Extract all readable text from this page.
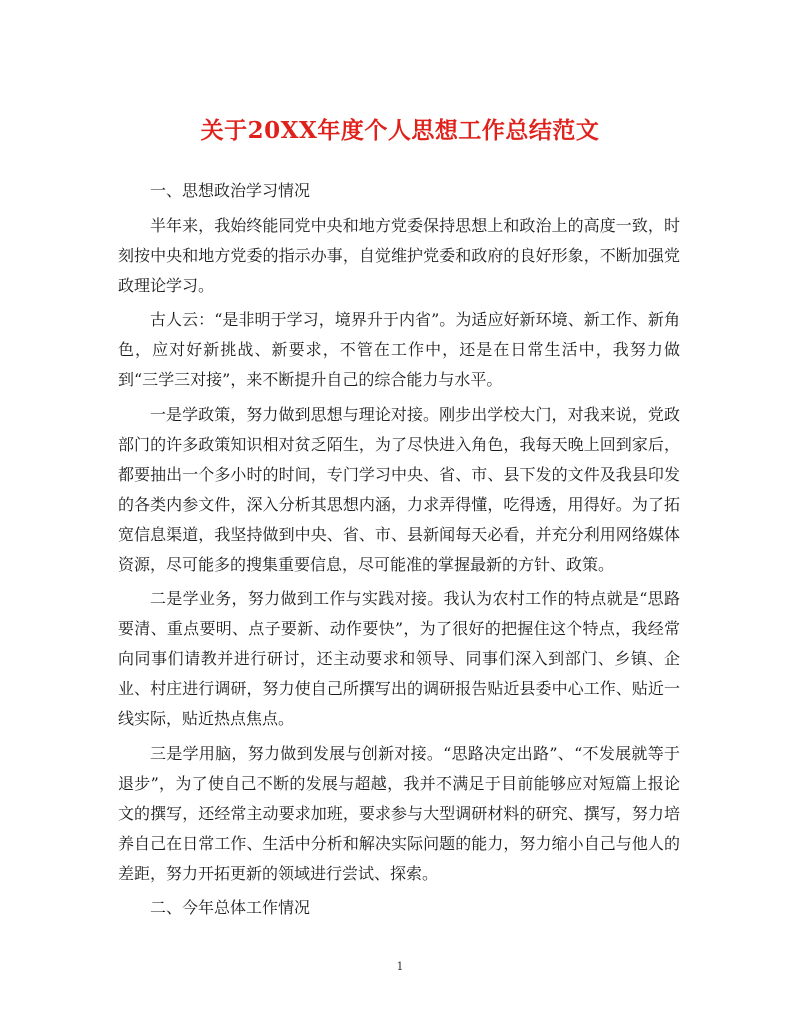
关于20XX年度个人思想工作总结范文

一、思想政治学习情况

半年来，我始终能同党中央和地方党委保持思想上和政治上的高度一致，时刻按中央和地方党委的指示办事，自觉维护党委和政府的良好形象，不断加强党政理论学习。

古人云：“是非明于学习，境界升于内省”。为适应好新环境、新工作、新角色，应对好新挑战、新要求，不管在工作中，还是在日常生活中，我努力做到“三学三对接”，来不断提升自己的综合能力与水平。

一是学政策，努力做到思想与理论对接。刚步出学校大门，对我来说，党政部门的许多政策知识相对贫乏陌生，为了尽快进入角色，我每天晚上回到家后，都要抽出一个多小时的时间，专门学习中央、省、市、县下发的文件及我县印发的各类内参文件，深入分析其思想内涵，力求弄得懂，吃得透，用得好。为了拓宽信息渠道，我坚持做到中央、省、市、县新闻每天必看，并充分利用网络媒体资源，尽可能多的搜集重要信息，尽可能准的掌握最新的方针、政策。

二是学业务，努力做到工作与实践对接。我认为农村工作的特点就是“思路要清、重点要明、点子要新、动作要快”，为了很好的把握住这个特点，我经常向同事们请教并进行研讨，还主动要求和领导、同事们深入到部门、乡镇、企业、村庄进行调研，努力使自己所撰写出的调研报告贴近县委中心工作、贴近一线实际，贴近热点焦点。

三是学用脑，努力做到发展与创新对接。“思路决定出路”、“不发展就等于退步”，为了使自己不断的发展与超越，我并不满足于目前能够应对短篇上报论文的撰写，还经常主动要求加班，要求参与大型调研材料的研究、撰写，努力培养自己在日常工作、生活中分析和解决实际问题的能力，努力缩小自己与他人的差距，努力开拓更新的领域进行尝试、探索。

二、今年总体工作情况

1
